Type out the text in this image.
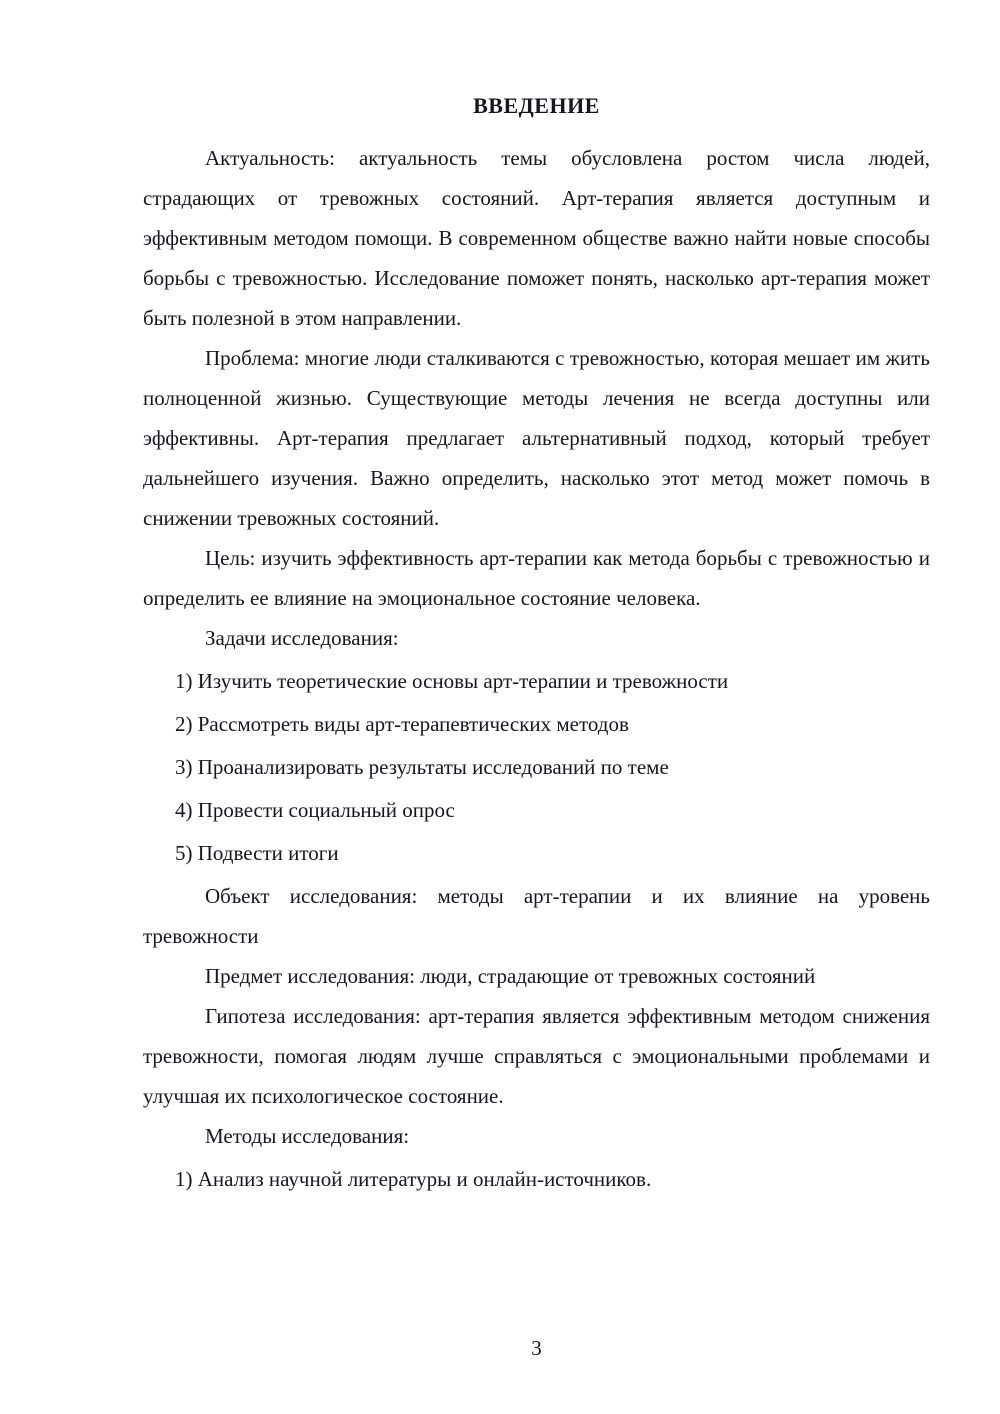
ВВЕДЕНИЕ

Актуальность: актуальность темы обусловлена ростом числа людей, страдающих от тревожных состояний. Арт-терапия является доступным и эффективным методом помощи. В современном обществе важно найти новые способы борьбы с тревожностью. Исследование поможет понять, насколько арт-терапия может быть полезной в этом направлении.

Проблема: многие люди сталкиваются с тревожностью, которая мешает им жить полноценной жизнью. Существующие методы лечения не всегда доступны или эффективны. Арт-терапия предлагает альтернативный подход, который требует дальнейшего изучения. Важно определить, насколько этот метод может помочь в снижении тревожных состояний.

Цель: изучить эффективность арт-терапии как метода борьбы с тревожностью и определить ее влияние на эмоциональное состояние человека.

Задачи исследования:

1) Изучить теоретические основы арт-терапии и тревожности
2) Рассмотреть виды арт-терапевтических методов
3) Проанализировать результаты исследований по теме
4) Провести социальный опрос
5) Подвести итоги

Объект исследования: методы арт-терапии и их влияние на уровень тревожности

Предмет исследования: люди, страдающие от тревожных состояний

Гипотеза исследования: арт-терапия является эффективным методом снижения тревожности, помогая людям лучше справляться с эмоциональными проблемами и улучшая их психологическое состояние.

Методы исследования:

1) Анализ научной литературы и онлайн-источников.
3
